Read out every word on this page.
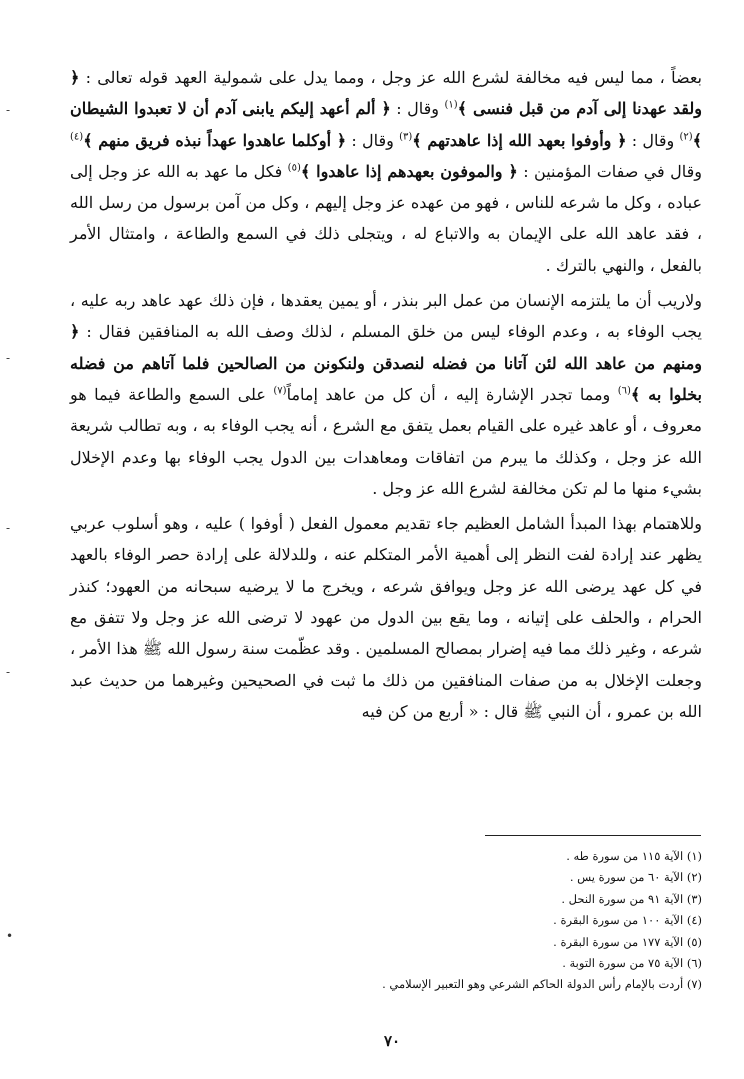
بعضاً ، مما ليس فيه مخالفة لشرع الله عز وجل ، ومما يدل على شمولية العهد قوله تعالى : ﴿ ولقد عهدنا إلى آدم من قبل فنسى ﴾$^{(١)}$ وقال : ﴿ ألم أعهد إليكم يابنى آدم أن لا تعبدوا الشيطان ﴾$^{(٢)}$ وقال : ﴿ وأوفوا بعهد الله إذا عاهدتهم ﴾$^{(٣)}$ وقال : ﴿ أوكلما عاهدوا عهداً نبذه فريق منهم ﴾$^{(٤)}$ وقال في صفات المؤمنين : ﴿ والموفون بعهدهم إذا عاهدوا ﴾$^{(٥)}$ فكل ما عهد به الله عز وجل إلى عباده ، وكل ما شرعه للناس ، فهو من عهده عز وجل إليهم ، وكل من آمن برسول من رسل الله ، فقد عاهد الله على الإيمان به والاتباع له ، ويتجلى ذلك في السمع والطاعة ، وامتثال الأمر بالفعل ، والنهي بالترك .

ولاريب أن ما يلتزمه الإنسان من عمل البر بنذر ، أو يمين يعقدها ، فإن ذلك عهد عاهد ربه عليه ، يجب الوفاء به ، وعدم الوفاء ليس من خلق المسلم ، لذلك وصف الله به المنافقين فقال : ﴿ ومنهم من عاهد الله لئن آتانا من فضله لنصدقن ولنكونن من الصالحين فلما آتاهم من فضله بخلوا به ﴾$^{(٦)}$ ومما تجدر الإشارة إليه ، أن كل من عاهد إماماً$^{(٧)}$ على السمع والطاعة فيما هو معروف ، أو عاهد غيره على القيام بعمل يتفق مع الشرع ، أنه يجب الوفاء به ، وبه تطالب شريعة الله عز وجل ، وكذلك ما يبرم من اتفاقات ومعاهدات بين الدول يجب الوفاء بها وعدم الإخلال بشيء منها ما لم تكن مخالفة لشرع الله عز وجل .

وللاهتمام بهذا المبدأ الشامل العظيم جاء تقديم معمول الفعل ( أوفوا ) عليه ، وهو أسلوب عربي يظهر عند إرادة لفت النظر إلى أهمية الأمر المتكلم عنه ، وللدلالة على إرادة حصر الوفاء بالعهد في كل عهد يرضى الله عز وجل ويوافق شرعه ، ويخرج ما لا يرضيه سبحانه من العهود؛ كنذر الحرام ، والحلف على إتيانه ، وما يقع بين الدول من عهود لا ترضى الله عز وجل ولا تتفق مع شرعه ، وغير ذلك مما فيه إضرار بمصالح المسلمين . وقد عظّمت سنة رسول الله ﷺ هذا الأمر ، وجعلت الإخلال به من صفات المنافقين من ذلك ما ثبت في الصحيحين وغيرهما من حديث عبد الله بن عمرو ، أن النبي ﷺ قال : « أربع من كن فيه

(١) الآية ١١٥ من سورة طه .
(٢) الآية ٦٠ من سورة يس .
(٣) الآية ٩١ من سورة النحل .
(٤) الآية ١٠٠ من سورة البقرة .
(٥) الآية ١٧٧ من سورة البقرة .
(٦) الآية ٧٥ من سورة التوبة .
(٧) أردت بالإمام رأس الدولة الحاكم الشرعي وهو التعبير الإسلامي .
٧٠
-
-
-
-
•
